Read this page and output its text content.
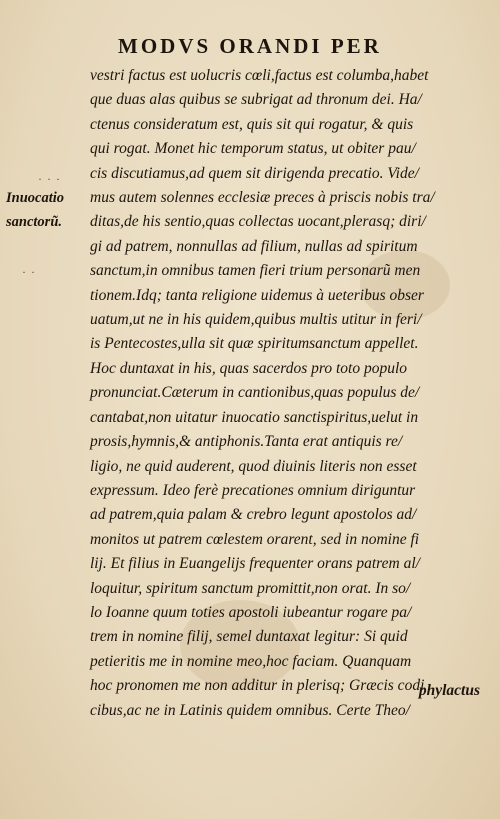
MODVS ORANDI PER
· · ·
· ·
Inuocatio
sanctorũ.
vestri factus est uolucris cœli,factus est columba,habet
que duas alas quibus se subrigat ad thronum dei. Ha/
ctenus consideratum est, quis sit qui rogatur, & quis
qui rogat. Monet hic temporum status, ut obiter pau/
cis discutiamus,ad quem sit dirigenda precatio. Vide/
mus autem solennes ecclesiæ preces à priscis nobis tra/
ditas,de his sentio,quas collectas uocant,plerasq; diri/
gi ad patrem, nonnullas ad filium, nullas ad spiritum
sanctum,in omnibus tamen fieri trium personarũ men
tionem.Idq; tanta religione uidemus à ueteribus obser
uatum,ut ne in his quidem,quibus multis utitur in feri/
is Pentecostes,ulla sit quæ spiritumsanctum appellet.
Hoc duntaxat in his, quas sacerdos pro toto populo
pronunciat.Cæterum in cantionibus,quas populus de/
cantabat,non uitatur inuocatio sanctispiritus,uelut in
prosis,hymnis,& antiphonis.Tanta erat antiquis re/
ligio, ne quid auderent, quod diuinis literis non esset
expressum. Ideo ferè precationes omnium diriguntur
ad patrem,quia palam & crebro legunt apostolos ad/
monitos ut patrem cœlestem orarent, sed in nomine fi
lij. Et filius in Euangelijs frequenter orans patrem al/
loquitur, spiritum sanctum promittit,non orat. In so/
lo Ioanne quum toties apostoli iubeantur rogare pa/
trem in nomine filij, semel duntaxat legitur: Si quid
petieritis me in nomine meo,hoc faciam. Quanquam
hoc pronomen me non additur in plerisq; Græcis codi
cibus,ac ne in Latinis quidem omnibus. Certe Theo/
phylactus
